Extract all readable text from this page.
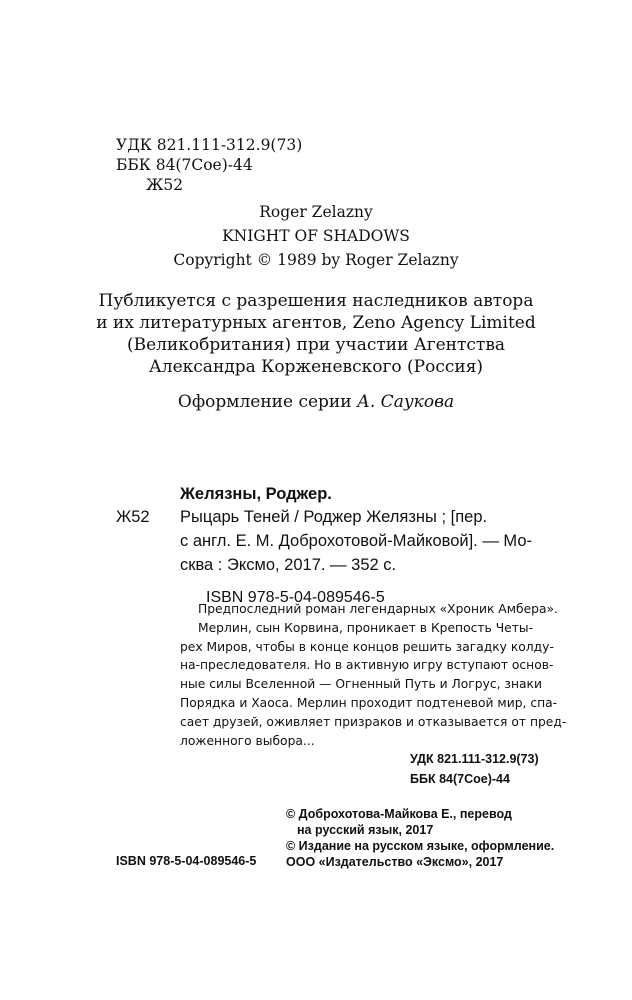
УДК 821.111-312.9(73)
ББК 84(7Сое)-44
Ж52
Roger Zelazny
KNIGHT OF SHADOWS
Copyright © 1989 by Roger Zelazny
Публикуется с разрешения наследников автора
и их литературных агентов, Zeno Agency Limited
(Великобритания) при участии Агентства
Александра Корженевского (Россия)
Оформление серии А. Саукова
Желязны, Роджер.
Ж52 Рыцарь Теней / Роджер Желязны ; [пер.
с англ. Е. М. Доброхотовой-Майковой]. — Мо-
сква : Эксмо, 2017. — 352 с.
ISBN 978-5-04-089546-5
Предпоследний роман легендарных «Хроник Амбера».
Мерлин, сын Корвина, проникает в Крепость Четы-
рех Миров, чтобы в конце концов решить загадку колду-
на-преследователя. Но в активную игру вступают основ-
ные силы Вселенной — Огненный Путь и Логрус, знаки
Порядка и Хаоса. Мерлин проходит подтеневой мир, спа-
сает друзей, оживляет призраков и отказывается от пред-
ложенного выбора...
УДК 821.111-312.9(73)
ББК 84(7Сое)-44
© Доброхотова-Майкова Е., перевод
на русский язык, 2017
© Издание на русском языке, оформление.
ООО «Издательство «Эксмо», 2017
ISBN 978-5-04-089546-5
